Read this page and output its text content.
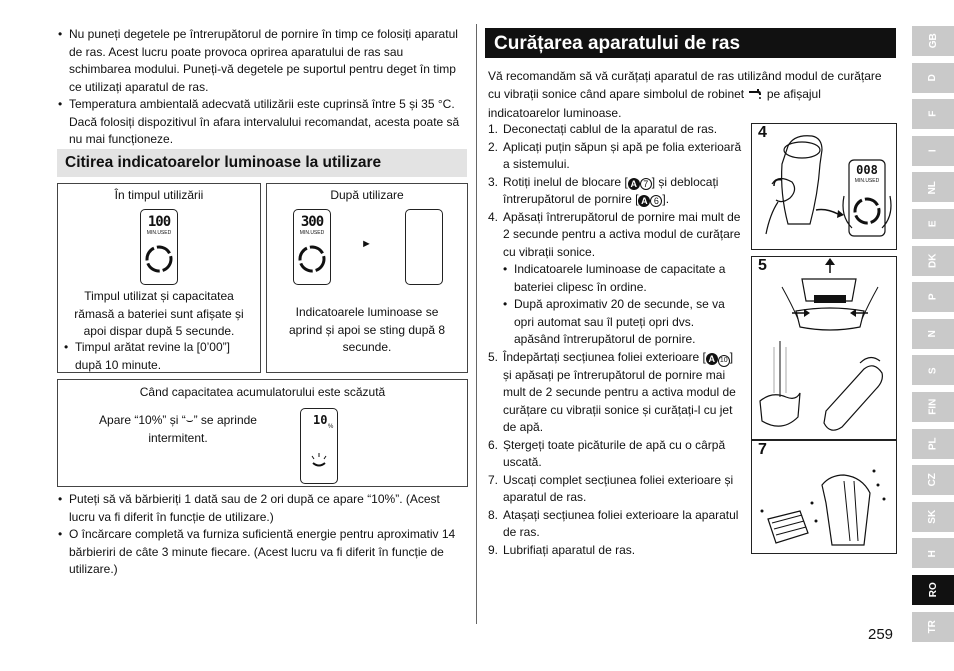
• Nu puneți degetele pe întrerupătorul de pornire în timp ce folosiți aparatul de ras. Acest lucru poate provoca oprirea aparatului de ras sau schimbarea modului. Puneți-vă degetele pe suportul pentru deget în timp ce utilizați aparatul de ras.
• Temperatura ambientală adecvată utilizării este cuprinsă între 5 și 35 °C. Dacă folosiți dispozitivul în afara intervalului recomandat, acesta poate să nu mai funcționeze.
Citirea indicatoarelor luminoase la utilizare
În timpul utilizării
100
MIN.USED
Timpul utilizat și capacitatea rămasă a bateriei sunt afișate și apoi dispar după 5 secunde.
• Timpul arătat revine la [0’00”] după 10 minute.
După utilizare
300
MIN.USED
►
Indicatoarele luminoase se aprind și apoi se sting după 8 secunde.
Când capacitatea acumulatorului este scăzută
Apare “10%” și “⌣” se aprinde intermitent.
10 %
• Puteți să vă bărbieriți 1 dată sau de 2 ori după ce apare “10%”. (Acest lucru va fi diferit în funcție de utilizare.)
• O încărcare completă va furniza suficientă energie pentru aproximativ 14 bărbieriri de câte 3 minute fiecare. (Acest lucru va fi diferit în funcție de utilizare.)
Curățarea aparatului de ras
Vă recomandăm să vă curățați aparatul de ras utilizând modul de curățare cu vibrații sonice când apare simbolul de robinet pe afișajul indicatoarelor luminoase.
1. Deconectați cablul de la aparatul de ras.
2. Aplicați puțin săpun și apă pe folia exterioară a sistemului.
3. Rotiți inelul de blocare [ A 7 ] și deblocați întrerupătorul de pornire [ A 6 ].
4. Apăsați întrerupătorul de pornire mai mult de 2 secunde pentru a activa modul de curățare cu vibrații sonice.
• Indicatoarele luminoase de capacitate a bateriei clipesc în ordine.
• După aproximativ 20 de secunde, se va opri automat sau îl puteți opri dvs. apăsând întrerupătorul de pornire.
5. Îndepărtați secțiunea foliei exterioare [ A 10 ] și apăsați pe întrerupătorul de pornire mai mult de 2 secunde pentru a activa modul de curățare cu vibrații sonice și curățați-l cu jet de apă.
6. Ștergeți toate picăturile de apă cu o cârpă uscată.
7. Uscați complet secțiunea foliei exterioare și aparatul de ras.
8. Atașați secțiunea foliei exterioare la aparatul de ras.
9. Lubrifiați aparatul de ras.
4
008
MIN.USED
5
7
GB
D
F
I
NL
E
DK
P
N
S
FIN
PL
CZ
SK
H
RO
TR
259
